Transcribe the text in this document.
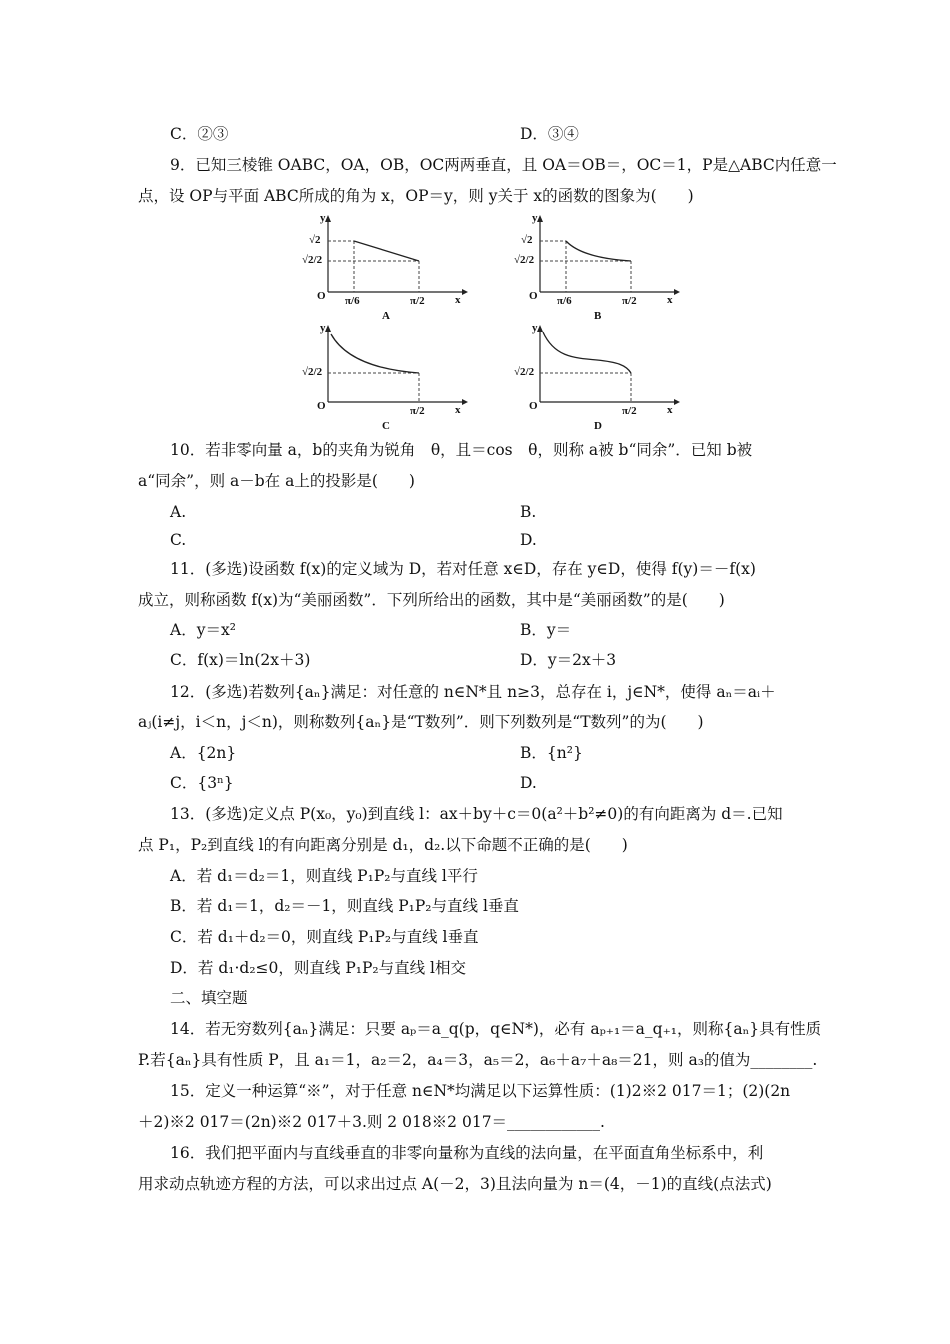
C．②③	D．③④
9．已知三棱锥 OABC，OA，OB，OC两两垂直，且 OA＝OB＝，OC＝1，P是△ABC内任意一
点，设 OP与平面 ABC所成的角为 x，OP＝y，则 y关于 x的函数的图象为(　　)
y
√2
√2/2
O π/6	π/2	x
A
y
√2
√2/2
O π/6	π/2	x
B
y
√2/2
O	π/2	x
C
y
√2/2
O	π/2	x
D
10．若非零向量 a，b的夹角为锐角　θ，且＝cos　θ，则称 a被 b“同余”．已知 b被
a“同余”，则 a－b在 a上的投影是(　　)
A.	B.
C.	D.
11．(多选)设函数 f(x)的定义域为 D，若对任意 x∈D，存在 y∈D，使得 f(y)＝－f(x)
成立，则称函数 f(x)为“美丽函数”．下列所给出的函数，其中是“美丽函数”的是(　　)
A．y＝x²	B．y＝
C．f(x)＝ln(2x＋3)	D．y＝2x＋3
12．(多选)若数列{aₙ}满足：对任意的 n∈N*且 n≥3，总存在 i，j∈N*，使得 aₙ＝aᵢ＋
aⱼ(i≠j，i＜n，j＜n)，则称数列{aₙ}是“T数列”．则下列数列是“T数列”的为(　　)
A．{2n}	B．{n²}
C．{3ⁿ}	D.
13．(多选)定义点 P(x₀，y₀)到直线 l：ax＋by＋c＝0(a²＋b²≠0)的有向距离为 d＝.已知
点 P₁，P₂到直线 l的有向距离分别是 d₁，d₂.以下命题不正确的是(　　)
A．若 d₁＝d₂＝1，则直线 P₁P₂与直线 l平行
B．若 d₁＝1，d₂＝－1，则直线 P₁P₂与直线 l垂直
C．若 d₁＋d₂＝0，则直线 P₁P₂与直线 l垂直
D．若 d₁·d₂≤0，则直线 P₁P₂与直线 l相交
二、填空题
14．若无穷数列{aₙ}满足：只要 aₚ＝a_q(p，q∈N*)，必有 aₚ₊₁＝a_q₊₁，则称{aₙ}具有性质
P.若{aₙ}具有性质 P，且 a₁＝1，a₂＝2，a₄＝3，a₅＝2，a₆＋a₇＋a₈＝21，则 a₃的值为________.
15．定义一种运算“※”，对于任意 n∈N*均满足以下运算性质：(1)2※2 017＝1；(2)(2n
＋2)※2 017＝(2n)※2 017＋3.则 2 018※2 017＝____________.
16．我们把平面内与直线垂直的非零向量称为直线的法向量，在平面直角坐标系中，利
用求动点轨迹方程的方法，可以求出过点 A(－2，3)且法向量为 n＝(4，－1)的直线(点法式)
